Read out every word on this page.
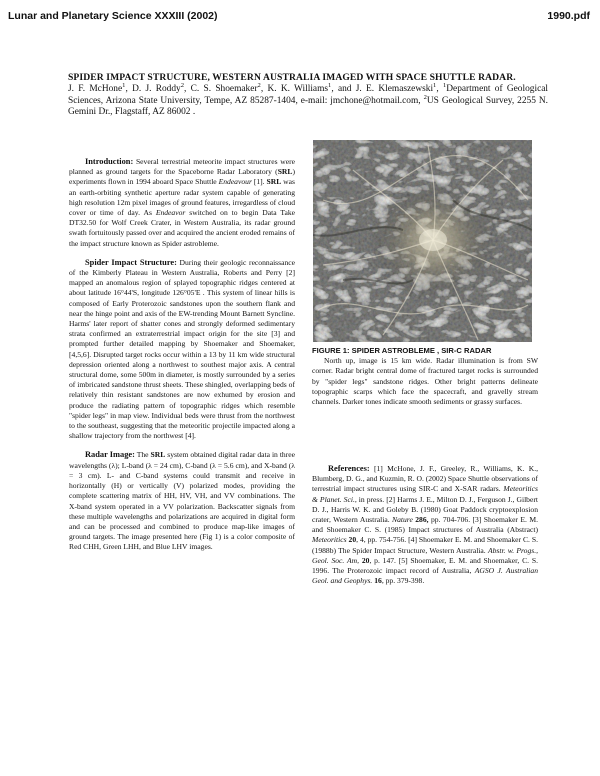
Lunar and Planetary Science XXXIII (2002)	1990.pdf
SPIDER IMPACT STRUCTURE, WESTERN AUSTRALIA IMAGED WITH SPACE SHUTTLE RADAR.
J. F. McHone$^1$, D. J. Roddy$^2$, C. S. Shoemaker$^2$, K. K. Williams$^1$, and J. E. Klemaszewski$^1$, $^1$Department of Geological Sciences, Arizona State University, Tempe, AZ 85287-1404, e-mail: jmchone@hotmail.com, $^2$US Geological Survey, 2255 N. Gemini Dr., Flagstaff, AZ 86002 .

Introduction: Several terrestrial meteorite impact structures were planned as ground targets for the Spaceborne Radar Laboratory (SRL) experiments flown in 1994 aboard Space Shuttle Endeavour [1]. SRL was an earth-orbiting synthetic aperture radar system capable of generating high resolution 12m pixel images of ground features, irregardless of cloud cover or time of day. As Endeavor switched on to begin Data Take DT32.50 for Wolf Creek Crater, in Western Australia, its radar ground swath fortuitously passed over and acquired the ancient eroded remains of the impact structure known as Spider astrobleme.

Spider Impact Structure: During their geologic reconnaissance of the Kimberly Plateau in Western Australia, Roberts and Perry [2] mapped an anomalous region of splayed topographic ridges centered at about latitude 16°44'S, longitude 126°05'E . This system of linear hills is composed of Early Proterozoic sandstones upon the southern flank and near the hinge point and axis of the EW-trending Mount Barnett Syncline. Harms' later report of shatter cones and strongly deformed sedimentary strata confirmed an extraterrestrial impact origin for the site [3] and prompted further detailed mapping by Shoemaker and Shoemaker, [4,5,6]. Disrupted target rocks occur within a 13 by 11 km wide structural depression oriented along a northwest to southest major axis. A central structural dome, some 500m in diameter, is mostly surrounded by a series of imbricated sandstone thrust sheets. These shingled, overlapping beds of relatively thin resistant sandstones are now exhumed by erosion and produce the radiating pattern of topographic ridges which resemble "spider legs" in map view. Individual beds were thrust from the northwest to the southeast, suggesting that the meteoritic projectile impacted along a shallow trajectory from the northwest [4].

Radar Image: The SRL system obtained digital radar data in three wavelengths (λ); L-band (λ = 24 cm), C-band (λ = 5.6 cm), and X-band (λ = 3 cm). L- and C-band systems could transmit and receive in horizontally (H) or vertically (V) polarized modes, providing the complete scattering matrix of HH, HV, VH, and VV combinations. The X-band system operated in a VV polarization. Backscatter signals from these multiple wavelengths and polarizations are acquired in digital form and can be processed and combined to produce map-like images of ground targets. The image presented here (Fig 1) is a color composite of Red CHH, Green LHH, and Blue LHV images.

FIGURE 1: SPIDER ASTROBLEME , SIR-C RADAR
North up, image is 15 km wide. Radar illumination is from SW corner. Radar bright central dome of fractured target rocks is surrounded by "spider legs" sandstone ridges. Other bright patterns delineate topographic scarps which face the spacecraft, and gravelly stream channels. Darker tones indicate smooth sediments or grassy surfaces.

References: [1] McHone, J. F., Greeley, R., Williams, K. K., Blumberg, D. G., and Kuzmin, R. O. (2002) Space Shuttle observations of terrestrial impact structures using SIR-C and X-SAR radars. Meteoritics & Planet. Sci., in press. [2] Harms J. E., Milton D. J., Ferguson J., Gilbert D. J., Harris W. K. and Goleby B. (1980) Goat Paddock cryptoexplosion crater, Western Australia. Nature 286, pp. 704-706. [3] Shoemaker E. M. and Shoemaker C. S. (1985) Impact structures of Australia (Abstract) Meteoritics 20, 4, pp. 754-756. [4] Shoemaker E. M. and Shoemaker C. S. (1988b) The Spider Impact Structure, Western Australia. Abstr. w. Progs., Geol. Soc. Am, 20, p. 147. [5] Shoemaker, E. M. and Shoemaker, C. S. 1996. The Proterozoic impact record of Australia, AGSO J. Australian Geol. and Geophys. 16, pp. 379-398.
